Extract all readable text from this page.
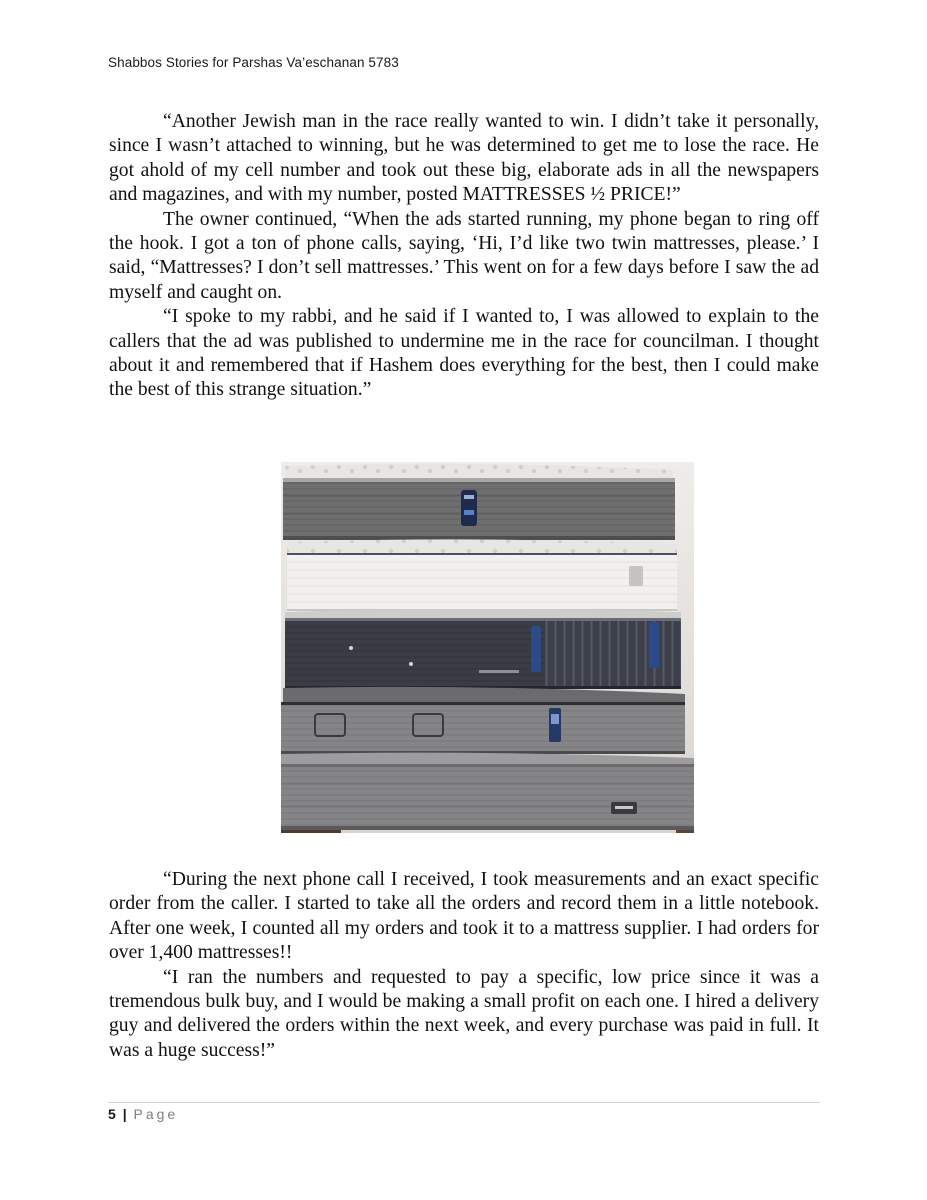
Shabbos Stories for Parshas Va’eschanan 5783

“Another Jewish man in the race really wanted to win. I didn’t take it personally, since I wasn’t attached to winning, but he was determined to get me to lose the race. He got ahold of my cell number and took out these big, elaborate ads in all the newspapers and magazines, and with my number, posted MATTRESSES ½ PRICE!”

The owner continued, “When the ads started running, my phone began to ring off the hook. I got a ton of phone calls, saying, ‘Hi, I’d like two twin mattresses, please.’ I said, “Mattresses? I don’t sell mattresses.’ This went on for a few days before I saw the ad myself and caught on.

“I spoke to my rabbi, and he said if I wanted to, I was allowed to explain to the callers that the ad was published to undermine me in the race for councilman. I thought about it and remembered that if Hashem does everything for the best, then I could make the best of this strange situation.”

“During the next phone call I received, I took measurements and an exact specific order from the caller. I started to take all the orders and record them in a little notebook. After one week, I counted all my orders and took it to a mattress supplier. I had orders for over 1,400 mattresses!!

“I ran the numbers and requested to pay a specific, low price since it was a tremendous bulk buy, and I would be making a small profit on each one. I hired a delivery guy and delivered the orders within the next week, and every purchase was paid in full. It was a huge success!”

5 | Page
